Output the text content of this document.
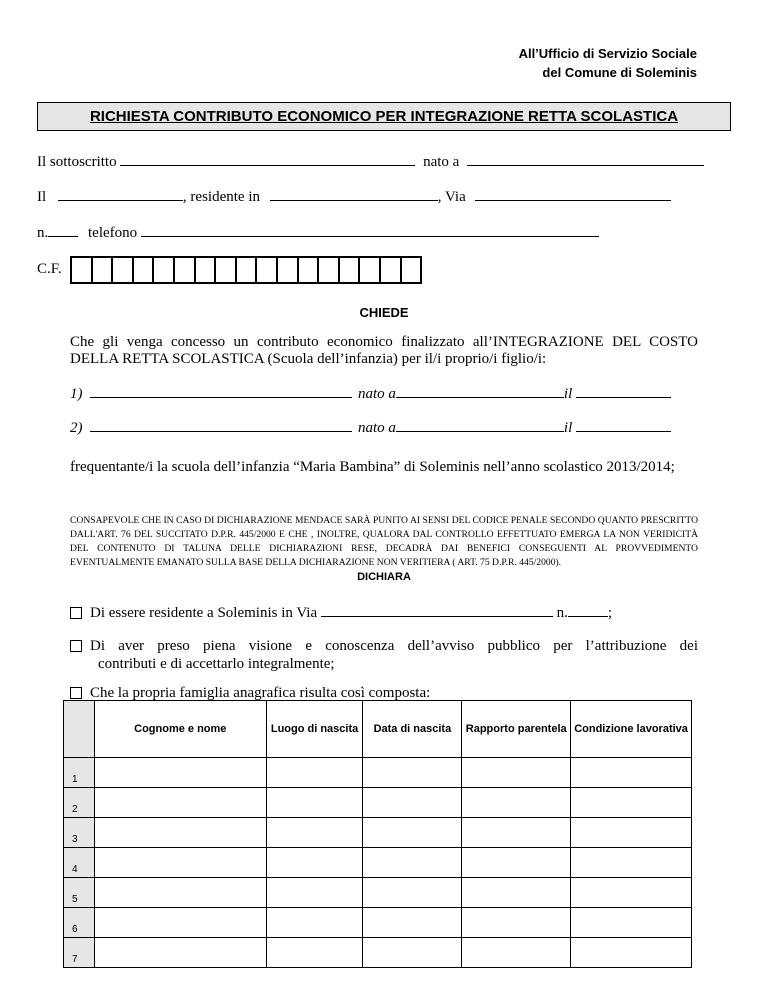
All’Ufficio di Servizio Sociale
del Comune di Soleminis
RICHIESTA CONTRIBUTO ECONOMICO PER INTEGRAZIONE RETTA SCOLASTICA
Il sottoscritto	nato a
Il	, residente in	, Via
n.	telefono
C.F.
CHIEDE
Che gli venga concesso un contributo economico finalizzato all’INTEGRAZIONE DEL COSTO DELLA RETTA SCOLASTICA (Scuola dell’infanzia) per il/i proprio/i figlio/i:
1)	nato a	il
2)	nato a	il
frequentante/i la scuola dell’infanzia “Maria Bambina” di Soleminis nell’anno scolastico 2013/2014;
CONSAPEVOLE CHE IN CASO DI DICHIARAZIONE MENDACE SARÀ PUNITO AI SENSI DEL CODICE PENALE SECONDO QUANTO PRESCRITTO DALL'ART. 76 DEL SUCCITATO D.P.R. 445/2000 E CHE , INOLTRE, QUALORA DAL CONTROLLO EFFETTUATO EMERGA LA NON VERIDICITÀ DEL CONTENUTO DI TALUNA DELLE DICHIARAZIONI RESE, DECADRÀ DAI BENEFICI CONSEGUENTI AL PROVVEDIMENTO EVENTUALMENTE EMANATO SULLA BASE DELLA DICHIARAZIONE NON VERITIERA ( ART. 75 D.P.R. 445/2000).
DICHIARA
Di essere residente a Soleminis in Via	n.	;
Di aver preso piena visione e conoscenza dell’avviso pubblico per l’attribuzione dei
contributi e di accettarlo integralmente;
Che la propria famiglia anagrafica risulta così composta:
	Cognome e nome	Luogo di nascita	Data di nascita	Rapporto parentela	Condizione lavorativa
1					
2					
3					
4					
5					
6					
7					
